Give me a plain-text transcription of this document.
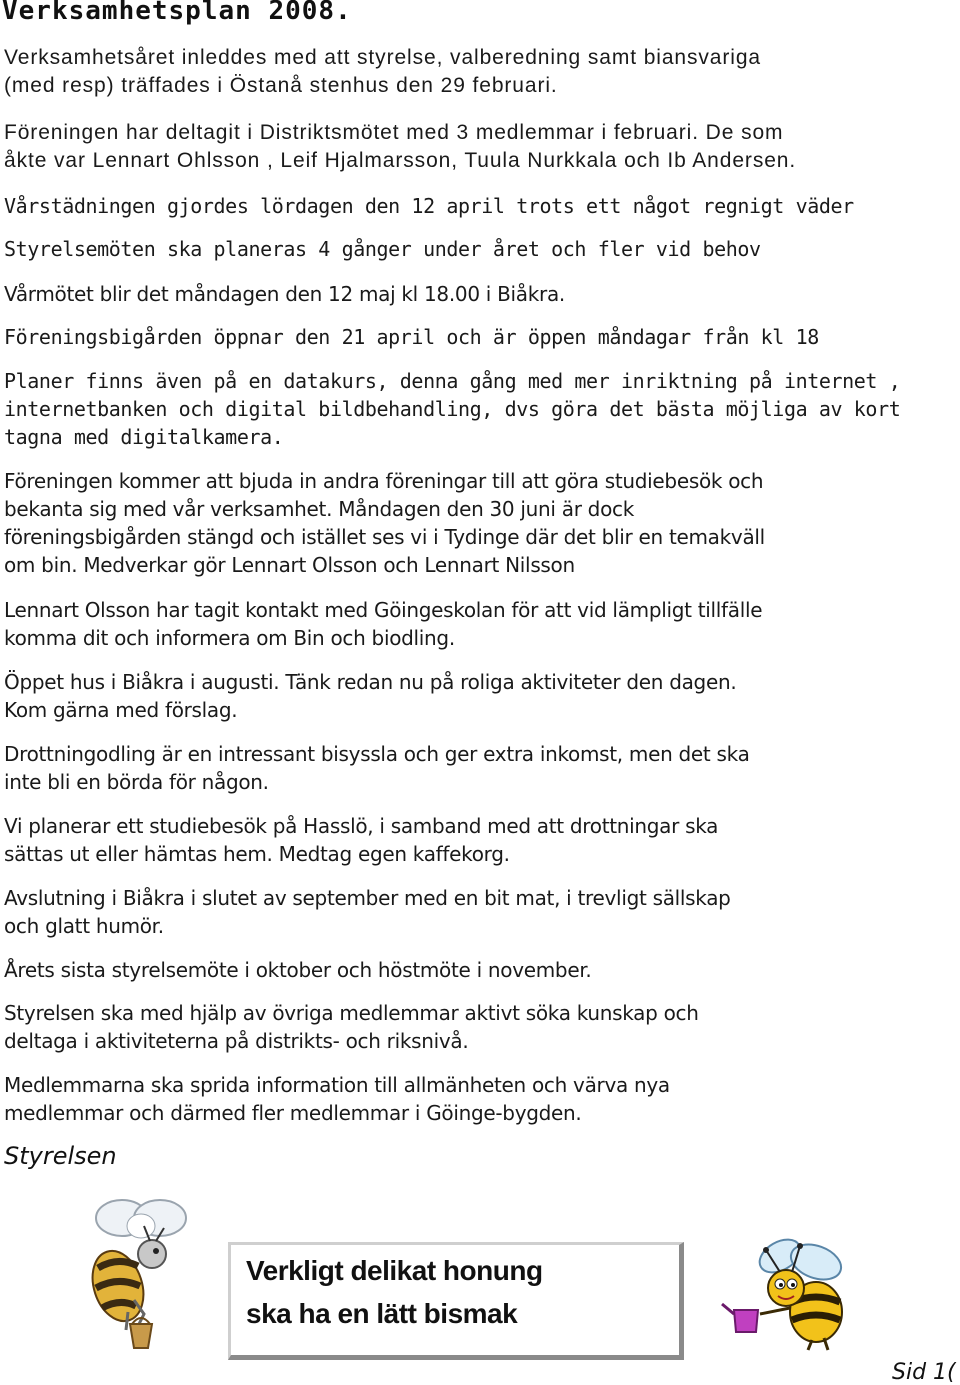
Verksamhetsplan 2008.

Verksamhetsåret inleddes med att styrelse, valberedning samt biansvariga
(med resp) träffades i Östanå stenhus den 29 februari.

Föreningen har deltagit i Distriktsmötet med 3 medlemmar i februari. De som
åkte var Lennart Ohlsson , Leif Hjalmarsson, Tuula Nurkkala och Ib Andersen.

Vårstädningen gjordes lördagen den 12 april trots ett något regnigt väder

Styrelsemöten ska planeras 4 gånger under året och fler vid behov

Vårmötet blir det måndagen den 12 maj kl 18.00 i Biåkra.

Föreningsbigården öppnar den 21 april och är öppen måndagar från kl 18

Planer finns även på en datakurs, denna gång med mer inriktning på internet ,
internetbanken och digital bildbehandling, dvs göra det bästa möjliga av kort
tagna med digitalkamera.

Föreningen kommer att bjuda in andra föreningar till att göra studiebesök och
bekanta sig med vår verksamhet. Måndagen den 30 juni är dock
föreningsbigården stängd och istället ses vi i Tydinge där det blir en temakväll
om bin. Medverkar gör Lennart Olsson och Lennart Nilsson

Lennart Olsson har tagit kontakt med Göingeskolan för att vid lämpligt tillfälle
komma dit och informera om Bin och biodling.

Öppet hus i Biåkra i augusti. Tänk redan nu på roliga aktiviteter den dagen.
Kom gärna med förslag.

Drottningodling är en intressant bisyssla och ger extra inkomst, men det ska
inte bli en börda för någon.

Vi planerar ett studiebesök på Hasslö, i samband med att drottningar ska
sättas ut eller hämtas hem. Medtag egen kaffekorg.

Avslutning i Biåkra i slutet av september med en bit mat, i trevligt sällskap
och glatt humör.

Årets sista styrelsemöte i oktober och höstmöte i november.

Styrelsen ska med hjälp av övriga medlemmar aktivt söka kunskap och
deltaga i aktiviteterna på distrikts- och riksnivå.

Medlemmarna ska sprida information till allmänheten och värva nya
medlemmar och därmed fler medlemmar i Göinge-bygden.

Styrelsen

Verkligt delikat honung

ska ha en lätt bismak

Sid 1(
